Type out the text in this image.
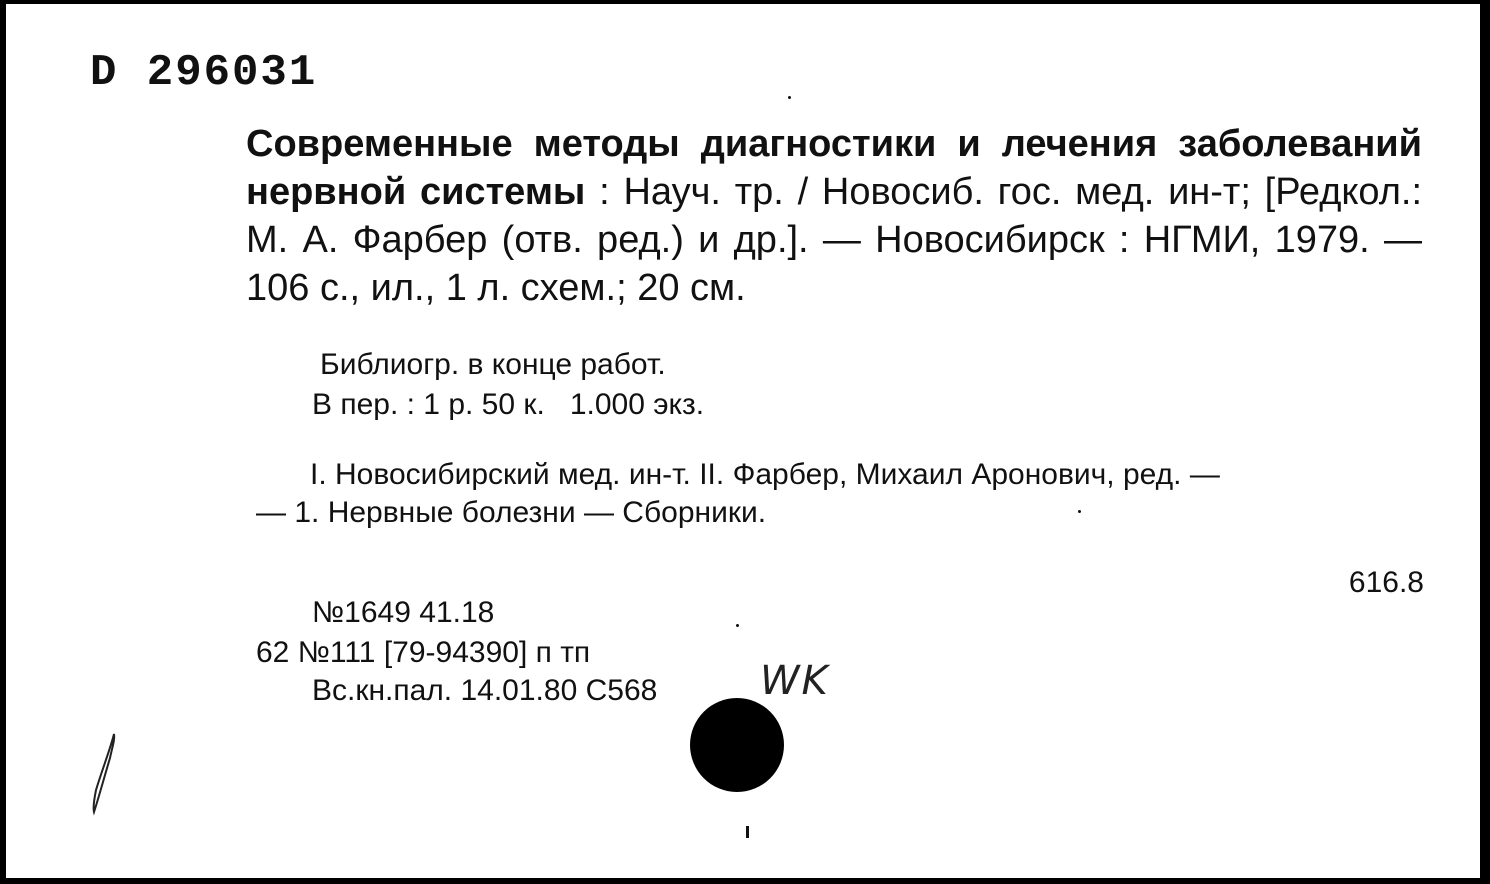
D 296031
Современные методы диагностики и лечения заболеваний нервной системы : Науч. тр. / Новосиб. гос. мед. ин-т; [Редкол.: М. А. Фарбер (отв. ред.) и др.]. — Новосибирск : НГМИ, 1979. — 106 с., ил., 1 л. схем.; 20 см.
Библиогр. в конце работ.
В пер. : 1 р. 50 к.   1.000 экз.
I. Новосибирский мед. ин-т. II. Фарбер, Михаил Аронович, ред. —
— 1. Нервные болезни — Сборники.
616.8
№1649 41.18
62 №111 [79-94390] п тп
Вс.кн.пал. 14.01.80 С568	WK
